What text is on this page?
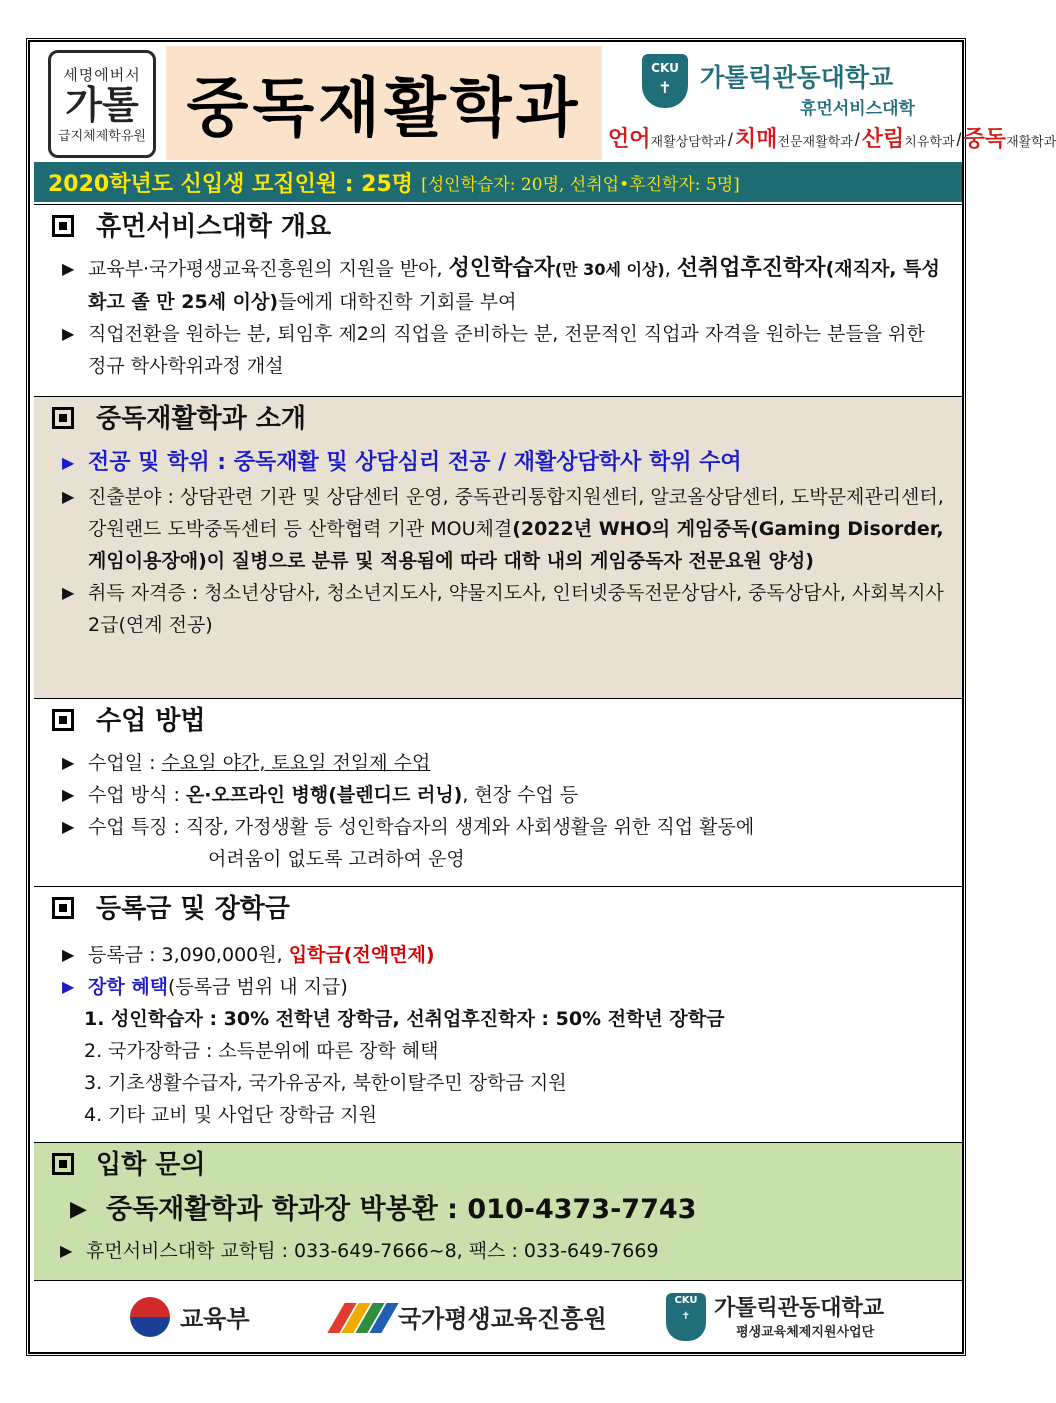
세명에버서
가톨
급지체제학유원 중독재활학과
CKU
✝	가톨릭관동대학교
휴먼서비스대학
언어재활상담학과 /치매전문재활학과 /산림치유학과 /중독재활학과
2020학년도 신입생 모집인원 : 25명 [성인학습자: 20명, 선취업•후진학자: 5명]
휴먼서비스대학 개요
▶ 교육부·국가평생교육진흥원의 지원을 받아, 성인학습자(만 30세 이상), 선취업후진학자(재직자, 특성화고 졸 만 25세 이상)들에게 대학진학 기회를 부여
▶ 직업전환을 원하는 분, 퇴임후 제2의 직업을 준비하는 분, 전문적인 직업과 자격을 원하는 분들을 위한 정규 학사학위과정 개설
중독재활학과 소개
▶ 전공 및 학위 : 중독재활 및 상담심리 전공 / 재활상담학사 학위 수여
▶ 진출분야 : 상담관련 기관 및 상담센터 운영, 중독관리통합지원센터, 알코올상담센터, 도박문제관리센터, 강원랜드 도박중독센터 등 산학협력 기관 MOU체결(2022년 WHO의 게임중독(Gaming Disorder, 게임이용장애)이 질병으로 분류 및 적용됨에 따라 대학 내의 게임중독자 전문요원 양성)
▶ 취득 자격증 : 청소년상담사, 청소년지도사, 약물지도사, 인터넷중독전문상담사, 중독상담사, 사회복지사2급(연계 전공)
수업 방법
▶ 수업일 : 수요일 야간, 토요일 전일제 수업
▶ 수업 방식 : 온·오프라인 병행(블렌디드 러닝), 현장 수업 등
▶ 수업 특징 : 직장, 가정생활 등 성인학습자의 생계와 사회생활을 위한 직업 활동에
어려움이 없도록 고려하여 운영
등록금 및 장학금
▶ 등록금 : 3,090,000원, 입학금(전액면제)
▶ 장학 혜택(등록금 범위 내 지급)
1. 성인학습자 : 30% 전학년 장학금, 선취업후진학자 : 50% 전학년 장학금
2. 국가장학금 : 소득분위에 따른 장학 혜택
3. 기초생활수급자, 국가유공자, 북한이탈주민 장학금 지원
4. 기타 교비 및 사업단 장학금 지원
입학 문의
▶ 중독재활학과 학과장 박봉환 : 010-4373-7743
▶ 휴먼서비스대학 교학팀 : 033-649-7666~8, 팩스 : 033-649-7669
교육부	국가평생교육진흥원
CKU
✝	가톨릭관동대학교
평생교육체제지원사업단
